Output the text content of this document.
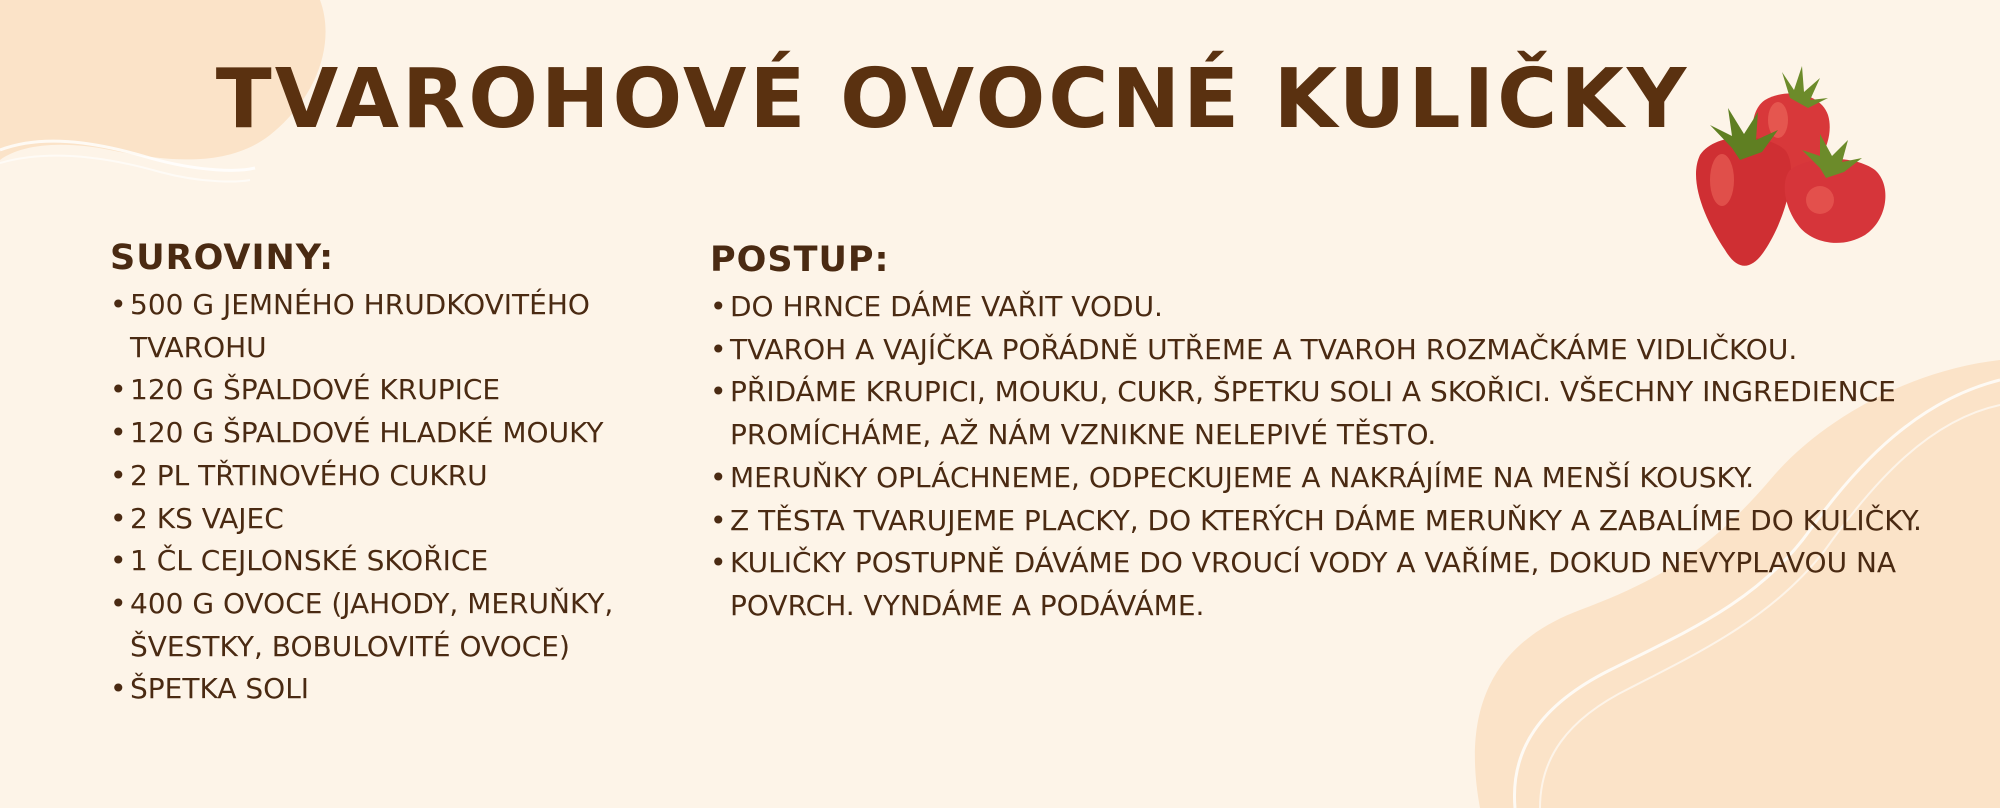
TVAROHOVÉ OVOCNÉ KULIČKY
SUROVINY:
• 500 G JEMNÉHO HRUDKOVITÉHO TVAROHU
• 120 G ŠPALDOVÉ KRUPICE
• 120 G ŠPALDOVÉ HLADKÉ MOUKY
• 2 PL TŘTINOVÉHO CUKRU
• 2 KS VAJEC
• 1 ČL CEJLONSKÉ SKOŘICE
• 400 G OVOCE (JAHODY, MERUŇKY, ŠVESTKY, BOBULOVITÉ OVOCE)
• ŠPETKA SOLI
POSTUP:
• DO HRNCE DÁME VAŘIT VODU.
• TVAROH A VAJÍČKA POŘÁDNĚ UTŘEME A TVAROH ROZMAČKÁME VIDLIČKOU.
• PŘIDÁME KRUPICI, MOUKU, CUKR, ŠPETKU SOLI A SKOŘICI. VŠECHNY INGREDIENCE PROMÍCHÁME, AŽ NÁM VZNIKNE NELEPIVÉ TĚSTO.
• MERUŇKY OPLÁCHNEME, ODPECKUJEME A NAKRÁJÍME NA MENŠÍ KOUSKY.
• Z TĚSTA TVARUJEME PLACKY, DO KTERÝCH DÁME MERUŇKY A ZABALÍME DO KULIČKY.
• KULIČKY POSTUPNĚ DÁVÁME DO VROUCÍ VODY A VAŘÍME, DOKUD NEVYPLAVOU NA POVRCH. VYNDÁME A PODÁVÁME.
